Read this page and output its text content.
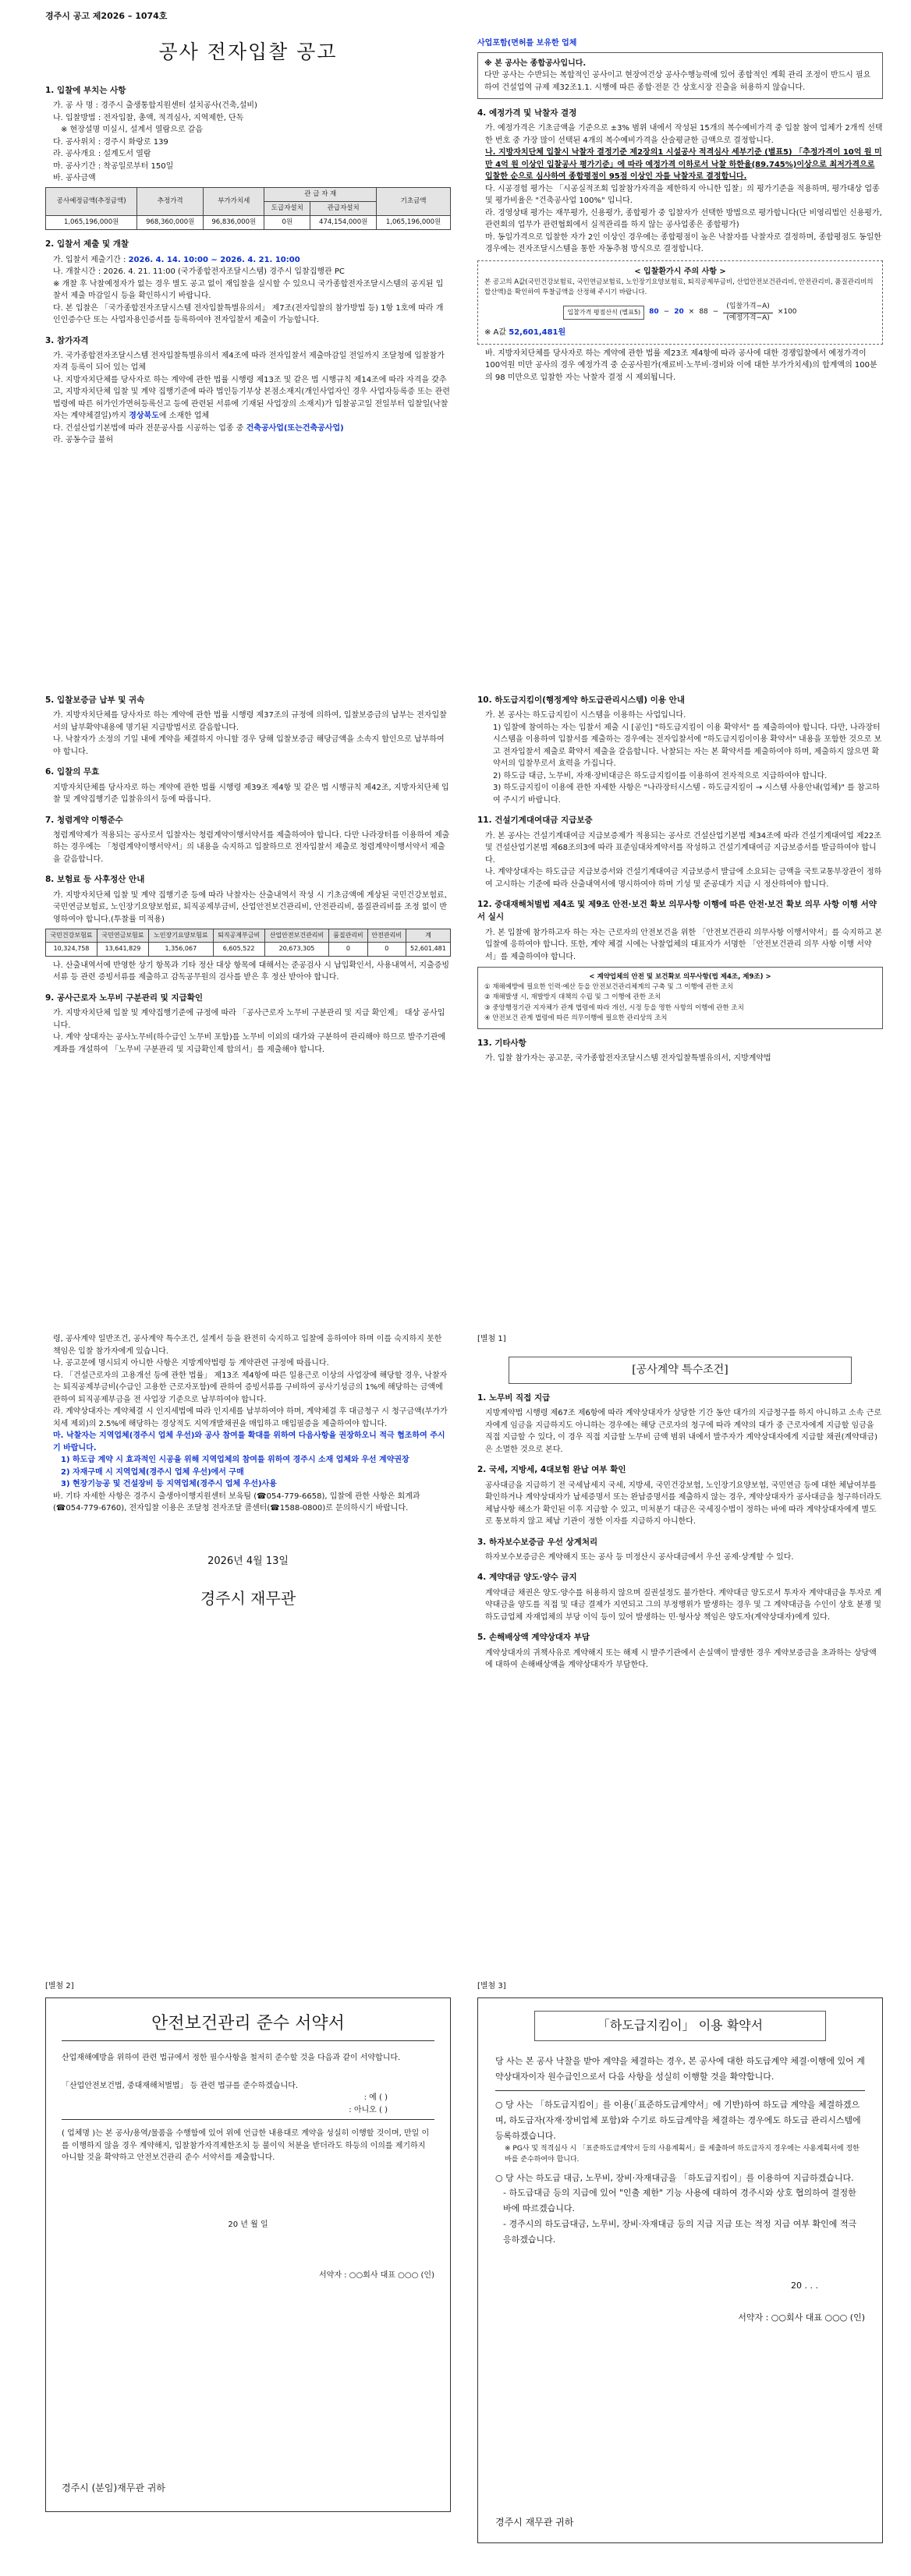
경주시 공고 제2026 – 1074호
공사 전자입찰 공고
1. 입찰에 부치는 사항
가. 공 사 명 : 경주시 출생통합지원센터 설치공사(건축,설비)
나. 입찰방법 : 전자입찰, 총액, 적격심사, 지역제한, 단독
※ 현장설명 미실시, 설계서 열람으로 갈음
다. 공사위치 : 경주시 화랑로 139
라. 공사개요 : 설계도서 열람
마. 공사기간 : 착공일로부터 150일
바. 공사금액
공사예정금액(추정금액)	추정가격	부가가치세	관 급 자 재		기초금액
			도급자설치	관급자설치	
1,065,196,000원	968,360,000원	96,836,000원	0원	474,154,000원	1,065,196,000원
2. 입찰서 제출 및 개찰
가. 입찰서 제출기간 : 2026. 4. 14. 10:00 ~ 2026. 4. 21. 10:00
나. 개찰시간 : 2026. 4. 21. 11:00 (국가종합전자조달시스템) 경주시 입찰집행관 PC
※ 개찰 후 낙찰예정자가 없는 경우 별도 공고 없이 재입찰을 실시할 수 있으니 국가종합전자조달시스템의 공지된 입찰서 제출 마감일시 등을 확인하시기 바랍니다.
다. 본 입찰은 「국가종합전자조달시스템 전자입찰특별유의서」 제7조(전자입찰의 참가방법 등) 1항 1호에 따라 개인인증수단 또는 사업자용인증서를 등록하여야 전자입찰서 제출이 가능합니다.
3. 참가자격
가. 국가종합전자조달시스템 전자입찰특별유의서 제4조에 따라 전자입찰서 제출마감일 전일까지 조달청에 입찰참가자격 등록이 되어 있는 업체
나. 지방자치단체를 당사자로 하는 계약에 관한 법률 시행령 제13조 및 같은 법 시행규칙 제14조에 따라 자격을 갖추고, 지방자치단체 입찰 및 계약 집행기준에 따라 법인등기부상 본점소재지(개인사업자인 경우 사업자등록증 또는 관련 법령에 따른 허가인가면허등록신고 등에 관련된 서류에 기재된 사업장의 소재지)가 입찰공고일 전일부터 입찰일(낙찰자는 계약체결일)까지 경상북도에 소재한 업체
다. 건설산업기본법에 따라 전문공사를 시공하는 업종 중 건축공사업(또는건축공사업)
라. 공동수급 불허
사업포함(면허를 보유한 업체
※ 본 공사는 종합공사입니다.
다만 공사는 수반되는 복합적인 공사이고 현장여건상 공사수행능력에 있어 종합적인 계획 관리 조정이 반드시 필요하여 건설업역 규제 제32조1.1. 시행에 따른 종합·전문 간 상호시장 진출을 허용하지 않습니다.
4. 예정가격 및 낙찰자 결정
가. 예정가격은 기초금액을 기준으로 ±3% 범위 내에서 작성된 15개의 복수예비가격 중 입찰 참여 업체가 2개씩 선택한 번호 중 가장 많이 선택된 4개의 복수예비가격을 산술평균한 금액으로 결정합니다.
나. 지방자치단체 입찰시 낙찰자 결정기준 제2장의1 시설공사 적격심사 세부기준 (별표5) 「추정가격이 10억 원 미만 4억 원 이상인 입찰공사 평가기준」에 따라 예정가격 이하로서 낙찰 하한율(89.745%)이상으로 최저가격으로 입찰한 순으로 심사하여 종합평점이 95점 이상인 자를 낙찰자로 결정합니다.
다. 시공경험 평가는 「시공실적조회 입찰참가자격을 제한하지 아니한 입찰」의 평가기준을 적용하며, 평가대상 업종 및 평가비율은 "건축공사업 100%" 입니다.
라. 경영상태 평가는 재무평가, 신용평가, 종합평가 중 입찰자가 선택한 방법으로 평가합니다(단 비영리법인 신용평가, 관련회의 업무가 관련협회에서 실적관리를 하지 않는 공사업종은 종합평가)
마. 동일가격으로 입찰한 자가 2인 이상인 경우에는 종합평점이 높은 낙찰자를 낙찰자로 결정하며, 종합평점도 동일한 경우에는 전자조달시스템을 통한 자동추첨 방식으로 결정합니다.
< 입찰환가시 주의 사항 >
본 공고의 A값(국민건강보험료, 국민연금보험료, 노인장기요양보험료, 퇴직공제부금비, 산업안전보건관리비, 안전관리비, 품질관리비의 합산액)을 확인하여 투찰금액을 산정해 주시기 바랍니다.
입찰가격 평점산식 (별표5)	$80 - 20 \times 88 - \frac{\text{(입찰가격−A)}}{\text{(예정가격−A)}} \times 100$
※ A값 52,601,481원
바. 지방자치단체를 당사자로 하는 계약에 관한 법률 제23조 제4항에 따라 공사에 대한 경쟁입찰에서 예정가격이 100억원 미만 공사의 경우 예정가격 중 순공사원가(재료비·노무비·경비와 이에 대한 부가가치세)의 합계액의 100분의 98 미만으로 입찰한 자는 낙찰자 결정 시 제외됩니다.
5. 입찰보증금 납부 및 귀속
가. 지방자치단체를 당사자로 하는 계약에 관한 법률 시행령 제37조의 규정에 의하여, 입찰보증금의 납부는 전자입찰서의 납부확약내용에 명기된 지급방법서로 갈음합니다.
나. 낙찰자가 소정의 기일 내에 계약을 체결하지 아니할 경우 당해 입찰보증금 해당금액을 소속지 할인으로 납부하여야 합니다.
6. 입찰의 무효
지방자치단체를 당사자로 하는 계약에 관한 법률 시행령 제39조 제4항 및 같은 법 시행규칙 제42조, 지방자치단체 입찰 및 계약집행기준 입찰유의서 등에 따릅니다.
7. 청렴계약 이행준수
청렴계약제가 적용되는 공사로서 입찰자는 청렴계약이행서약서를 제출하여야 합니다. 다만 나라장터를 이용하여 제출하는 경우에는 「청렴계약이행서약서」의 내용을 숙지하고 입찰하므로 전자입찰서 제출로 청렴계약이행서약서 제출을 갈음합니다.
8. 보험료 등 사후정산 안내
가. 지방자치단체 입찰 및 계약 집행기준 등에 따라 낙찰자는 산출내역서 작성 시 기초금액에 계상된 국민건강보험료, 국민연금보험료, 노인장기요양보험료, 퇴직공제부금비, 산업안전보건관리비, 안전관리비, 품질관리비를 조정 없이 반영하여야 합니다.(투찰률 미적용)
국민건강보험료	국민연금보험료	노인장기요양보험료	퇴직공제부금비	산업안전보건관리비	품질관리비	안전관리비	계
10,324,758	13,641,829	1,356,067	6,605,522	20,673,305	0	0	52,601,481
나. 산출내역서에 반영한 상기 항목과 기타 정산 대상 항목에 대해서는 준공검사 시 납입확인서, 사용내역서, 지출증빙서류 등 관련 증빙서류를 제출하고 감독공무원의 검사를 받은 후 정산 받아야 합니다.
9. 공사근로자 노무비 구분관리 및 지급확인
가. 지방자치단체 입찰 및 계약집행기준에 규정에 따라 「공사근로자 노무비 구분관리 및 지급 확인제」 대상 공사입니다.
나. 계약 상대자는 공사노무비(하수급인 노무비 포함)를 노무비 이외의 대가와 구분하여 관리해야 하므로 발주기관에 계좌를 개설하여 「노무비 구분관리 및 지급확인제 합의서」를 제출해야 합니다.
10. 하도급지킴이(행정계약 하도급관리시스템) 이용 안내
가. 본 공사는 하도급지킴이 시스템을 이용하는 사업입니다.
1) 입찰에 참여하는 자는 입찰서 제출 시 [공인] "하도급지킴이 이용 확약서" 를 제출하여야 합니다. 다만, 나라장터 시스템을 이용하여 입찰서를 제출하는 경우에는 전자입찰서에 "하도급지킴이이용 확약서" 내용을 포함한 것으로 보고 전자입찰서 제출로 확약서 제출을 갈음합니다. 낙찰되는 자는 본 확약서를 제출하여야 하며, 제출하지 않으면 확약서의 입찰무로서 효력을 가집니다.
2) 하도급 대금, 노무비, 자재·장비대금은 하도급지킴이를 이용하여 전자적으로 지급하여야 합니다.
3) 하도급지킴이 이용에 관한 자세한 사항은 "나라장터시스템 - 하도급지킴이 → 시스템 사용안내(업체)" 를 참고하여 주시기 바랍니다.
11. 건설기계대여대금 지급보증
가. 본 공사는 건설기계대여금 지급보증제가 적용되는 공사로 건설산업기본법 제34조에 따라 건설기계대여업 제22조 및 건설산업기본법 제68조의3에 따라 표준임대차계약서를 작성하고 건설기계대여금 지급보증서를 발급하여야 합니다.
나. 계약상대자는 하도급금 지급보증서와 건설기계대여금 지급보증서 발급에 소요되는 금액을 국토교통부장관이 정하여 고시하는 기준에 따라 산출내역서에 명시하여야 하며 기성 및 준공대가 지급 시 정산하여야 합니다.
12. 중대재해처벌법 제4조 및 제9조 안전·보건 확보 의무사항 이행에 따른 안전·보건 확보 의무 사항 이행 서약서 실시
가. 본 입찰에 참가하고자 하는 자는 근로자의 안전보건을 위한 「안전보건관리 의무사항 이행서약서」를 숙지하고 본 입찰에 응하여야 합니다. 또한, 계약 체결 시에는 낙찰업체의 대표자가 서명한 「안전보건관리 의무 사항 이행 서약서」를 제출하여야 합니다.
< 계약업체의 안전 및 보건확보 의무사항(법 제4조, 제9조) >
① 재해예방에 필요한 인력·예산 등을 안전보건관리체계의 구축 및 그 이행에 관한 조치
② 재해발생 시, 재발방지 대책의 수립 및 그 이행에 관한 조치
③ 중앙행정기관 지자체가 관계 법령에 따라 개선, 시정 등을 명한 사항의 이행에 관한 조치
④ 안전보건 관계 법령에 따른 의무이행에 필요한 관리상의 조치
13. 기타사항
가. 입찰 참가자는 공고문, 국가종합전자조달시스템 전자입찰특별유의서, 지방계약법
령, 공사계약 일반조건, 공사계약 특수조건, 설계서 등을 완전히 숙지하고 입찰에 응하여야 하며 이를 숙지하지 못한 책임은 입찰 참가자에게 있습니다.
나. 공고문에 명시되지 아니한 사항은 지방계약법령 등 계약관련 규정에 따릅니다.
다. 「건설근로자의 고용개선 등에 관한 법률」 제13조 제4항에 따른 일용근로 이상의 사업장에 해당할 경우, 낙찰자는 퇴직공제부금비(수급인 고용한 근로자포함)에 관하여 증빙서류를 구비하여 공사기성금의 1%에 해당하는 금액에 관하여 퇴직공제부금을 전 사업장 기준으로 납부하여야 합니다.
라. 계약상대자는 계약체결 시 인지세법에 따라 인지세를 납부하여야 하며, 계약체결 후 대금청구 시 청구금액(부가가치세 제외)의 2.5%에 해당하는 경상적도 지역개발채권을 매입하고 매입필증을 제출하여야 합니다.
마. 낙찰자는 지역업체(경주시 업체 우선)와 공사 참여를 확대를 위하여 다음사항을 권장하오니 적극 협조하여 주시기 바랍니다.
1) 하도급 계약 시 효과적인 시공을 위해 지역업체의 참여를 위하여 경주시 소재 업체와 우선 계약권장
2) 자재구매 시 지역업체(경주시 업체 우선)에서 구매
3) 현장기능공 및 건설장비 등 지역업체(경주시 업체 우선)사용
바. 기타 자세한 사항은 경주시 출생아이행지원센터 보육팀 (☎054-779-6658), 입찰에 관한 사항은 회계과 (☎054-779-6760), 전자입찰 이용은 조달청 전자조달 콜센터(☎1588-0800)로 문의하시기 바랍니다.
2026년 4월 13일
경주시 재무관
[별첨 1]
[공사계약 특수조건]
1. 노무비 직접 지급
지방계약법 시행령 제67조 제6항에 따라 계약상대자가 상당한 기간 동안 대가의 지급청구를 하지 아니하고 소속 근로자에게 임금을 지급하지도 아니하는 경우에는 해당 근로자의 청구에 따라 계약의 대가 중 근로자에게 지급할 임금을 직접 지급할 수 있다, 이 경우 직접 지급할 노무비 금액 범위 내에서 발주자가 계약상대자에게 지급할 채권(계약대금)은 소멸한 것으로 본다.
2. 국세, 지방세, 4대보험 완납 여부 확인
공사대금을 지급하기 전 국세납세지 국세, 지방세, 국민건강보험, 노인장기요양보험, 국민연금 등에 대한 체납여부를 확인하거나 계약상대자가 납세증명서 또는 완납증명서를 제출하지 않는 경우, 계약상대자가 공사대금을 청구하더라도 체납사항 해소가 확인된 이후 지급할 수 있고, 미처분기 대금은 국세징수법이 정하는 바에 따라 계약상대자에게 별도로 통보하지 않고 체납 기관이 정한 이자를 지급하지 아니한다.
3. 하자보수보증금 우선 상계처리
하자보수보증금은 계약해지 또는 공사 등 미정산시 공사대금에서 우선 공제·상계할 수 있다.
4. 계약대금 양도·양수 금지
계약대금 채권은 양도·양수를 허용하지 않으며 질권설정도 불가한다. 계약대금 양도로서 투자자 계약대금을 투자로 계약대금을 양도를 직접 및 대금 결제가 지연되고 그의 부정행위가 발생하는 경우 및 그 계약대금을 수인이 상호 분쟁 및 하도급업체 자재업체의 부당 이익 등이 있어 발생하는 민·형사상 책임은 양도자(계약상대자)에게 있다.
5. 손해배상액 계약상대자 부담
계약상대자의 귀책사유로 계약해지 또는 해제 시 발주기관에서 손실액이 발생한 경우 계약보증금을 초과하는 상당액에 대하여 손해배상액을 계약상대자가 부담한다.
[별첨 2]
안전보건관리 준수 서약서
산업재해예방을 위하여 관련 법규에서 정한 필수사항을 철저히 준수할 것을 다음과 같이 서약합니다.
「산업안전보건법, 중대재해처벌법」 등 관련 법규를 준수하겠습니다.
: 예 ( )
: 아니오 ( )
( 업체명 )는 본 공사/용역/물품을 수행함에 있어 위에 언급한 내용대로 계약을 성실히 이행할 것이며, 만일 이를 이행하지 않을 경우 계약해지, 입찰참가자격제한조치 등 불이익 처분을 받더라도 하등의 이의를 제기하지 아니할 것을 확약하고 안전보건관리 준수 서약서를 제출합니다.
20 년 월 일
서약자 : ○○회사 대표 ○○○ (인)
경주시 (분임)재무관 귀하
[별첨 3]
「하도급지킴이」 이용 확약서
당 사는 본 공사 낙찰을 받아 계약을 체결하는 경우, 본 공사에 대한 하도급계약 체결·이행에 있어 계약상대자이자 원수급인으로서 다음 사항을 성실히 이행할 것을 확약합니다.
○ 당 사는 「하도급지킴이」를 이용(「표준하도급계약서」에 기반)하여 하도급 계약을 체결하겠으며, 하도급자(자재·장비업체 포함)와 수기로 하도급계약을 체결하는 경우에도 하도급 관리시스템에 등록하겠습니다.
※ PG사 및 적격심사 시 「표준하도급계약서 등의 사용계획서」를 제출하여 하도급자지 경우에는 사용계획서에 정한 바를 준수하여야 합니다.
○ 당 사는 하도급 대금, 노무비, 장비·자재대금을 「하도급지킴이」를 이용하여 지급하겠습니다.
- 하도급대금 등의 지급에 있어 "인출 제한" 기능 사용에 대하여 경주시와 상호 협의하여 결정한 바에 따르겠습니다.
- 경주시의 하도급대금, 노무비, 장비·자재대금 등의 지급 지급 또는 적정 지급 여부 확인에 적극 응하겠습니다.
20 . . .
서약자 : ○○회사 대표 ○○○ (인)
경주시 재무관 귀하
